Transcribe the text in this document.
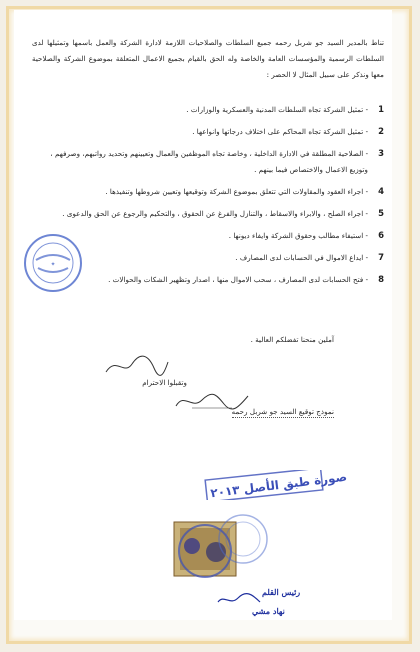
تناط بالمدير السيد جو شربل رحمه جميع السلطات والصلاحيات اللازمة لادارة الشركة والعمل باسمها وتمثيلها لدى السلطات الرسمية والمؤسسات العامة والخاصة وله الحق بالقيام بجميع الاعمال المتعلقة بموضوع الشركة والصلاحية معها ونذكر على سبيل المثال لا الحصر :

1
- تمثيل الشركة تجاه السلطات المدنية والعسكرية والوزارات .
2
- تمثيل الشركة تجاه المحاكم على اختلاف درجاتها وانواعها .
3
- الصلاحية المطلقة في الادارة الداخلية ، وخاصة تجاه الموظفين والعمال وتعيينهم وتحديد رواتبهم، وصرفهم ، وتوزيع الاعمال والاختصاص فيما بينهم .
4
- اجراء العقود والمقاولات التي تتعلق بموضوع الشركة وتوقيعها وتعيين شروطها وتنفيذها .
5
- اجراء الصلح ، والابراء والاسقاط ، والتنازل والفرغ عن الحقوق ، والتحكيم والرجوع عن الحق والدعوى .
6
- استيفاء مطالب وحقوق الشركة وايفاء ديونها .
7
- ايداع الاموال في الحسابات لدى المصارف .
8
- فتح الحسابات لدى المصارف ، سحب الاموال منها ، اصدار وتظهير الشكات والحوالات .
✦

آملين منحنا تفضلكم العالية .

وتقبلوا الاحترام

نموذج توقيع السيد جو شربل رحمه

صورة طبق الأصل ٢٠١٣
رئيس القلم
نهاد مشي
